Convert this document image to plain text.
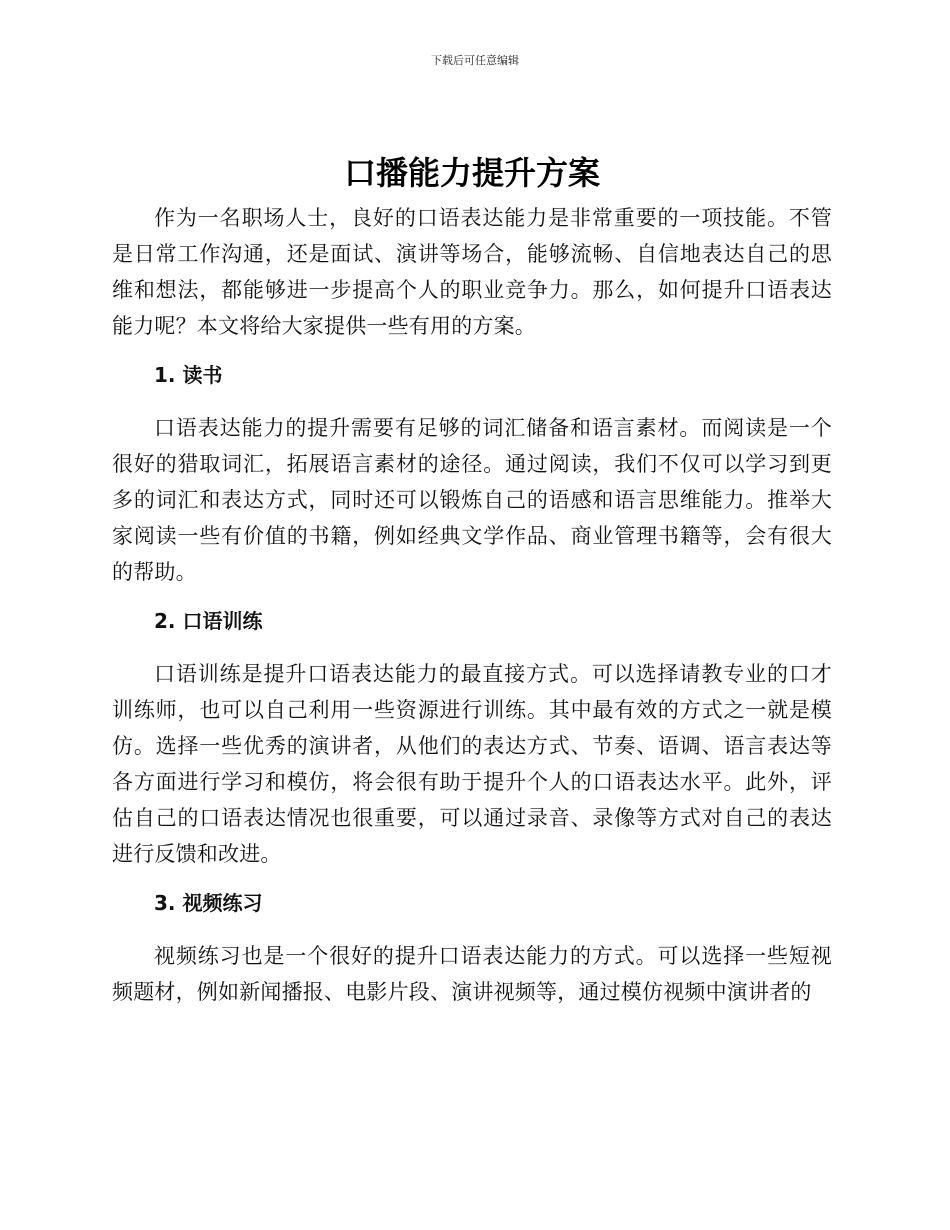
下载后可任意编辑
口播能力提升方案

作为一名职场人士，良好的口语表达能力是非常重要的一项技能。不管是日常工作沟通，还是面试、演讲等场合，能够流畅、自信地表达自己的思维和想法，都能够进一步提高个人的职业竞争力。那么，如何提升口语表达能力呢？本文将给大家提供一些有用的方案。

1. 读书

口语表达能力的提升需要有足够的词汇储备和语言素材。而阅读是一个很好的猎取词汇，拓展语言素材的途径。通过阅读，我们不仅可以学习到更多的词汇和表达方式，同时还可以锻炼自己的语感和语言思维能力。推举大家阅读一些有价值的书籍，例如经典文学作品、商业管理书籍等，会有很大的帮助。

2. 口语训练

口语训练是提升口语表达能力的最直接方式。可以选择请教专业的口才训练师，也可以自己利用一些资源进行训练。其中最有效的方式之一就是模仿。选择一些优秀的演讲者，从他们的表达方式、节奏、语调、语言表达等各方面进行学习和模仿，将会很有助于提升个人的口语表达水平。此外，评估自己的口语表达情况也很重要，可以通过录音、录像等方式对自己的表达进行反馈和改进。

3. 视频练习

视频练习也是一个很好的提升口语表达能力的方式。可以选择一些短视频题材，例如新闻播报、电影片段、演讲视频等，通过模仿视频中演讲者的
